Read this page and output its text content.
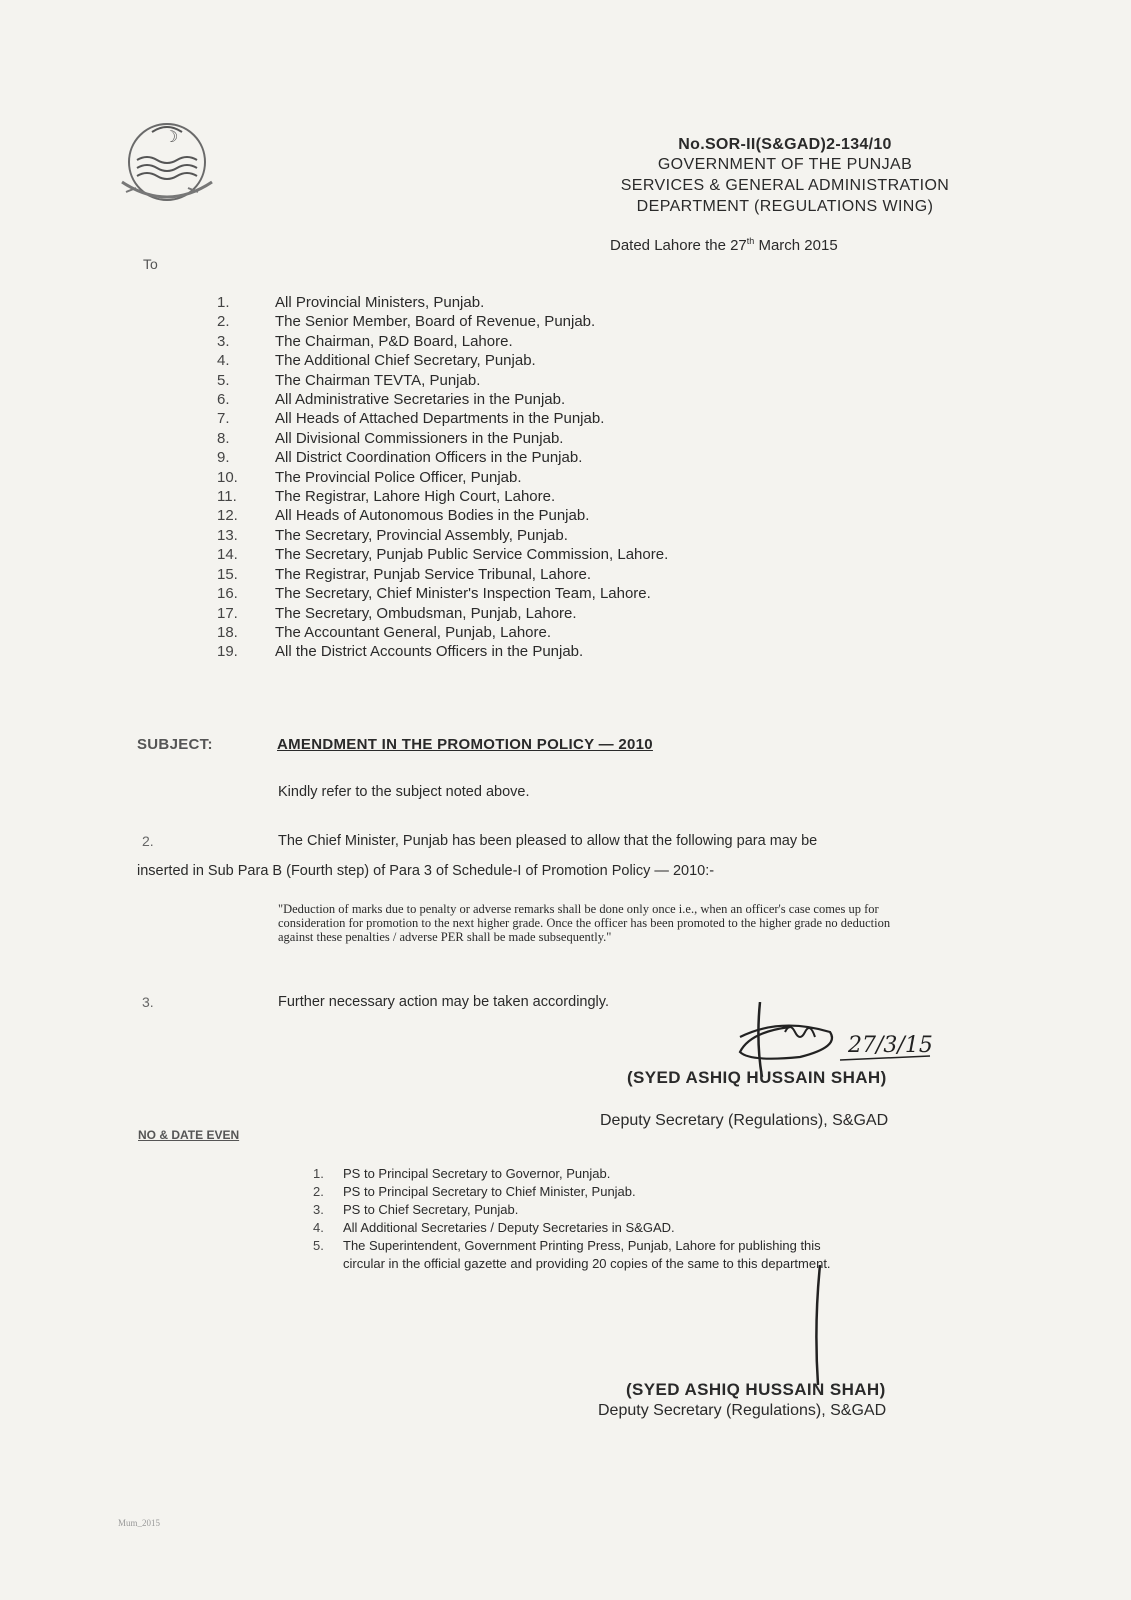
☽	No.SOR-II(S&GAD)2-134/10
GOVERNMENT OF THE PUNJAB
SERVICES & GENERAL ADMINISTRATION
DEPARTMENT (REGULATIONS WING)
Dated Lahore the 27th March 2015
To
1.	All Provincial Ministers, Punjab.
2.	The Senior Member, Board of Revenue, Punjab.
3.	The Chairman, P&D Board, Lahore.
4.	The Additional Chief Secretary, Punjab.
5.	The Chairman TEVTA, Punjab.
6.	All Administrative Secretaries in the Punjab.
7.	All Heads of Attached Departments in the Punjab.
8.	All Divisional Commissioners in the Punjab.
9.	All District Coordination Officers in the Punjab.
10.	The Provincial Police Officer, Punjab.
11.	The Registrar, Lahore High Court, Lahore.
12.	All Heads of Autonomous Bodies in the Punjab.
13.	The Secretary, Provincial Assembly, Punjab.
14.	The Secretary, Punjab Public Service Commission, Lahore.
15.	The Registrar, Punjab Service Tribunal, Lahore.
16.	The Secretary, Chief Minister's Inspection Team, Lahore.
17.	The Secretary, Ombudsman, Punjab, Lahore.
18.	The Accountant General, Punjab, Lahore.
19.	All the District Accounts Officers in the Punjab.
SUBJECT:	AMENDMENT IN THE PROMOTION POLICY — 2010
Kindly refer to the subject noted above.
2.	The Chief Minister, Punjab has been pleased to allow that the following para may be
inserted in Sub Para B (Fourth step) of Para 3 of Schedule-I of Promotion Policy — 2010:-
"Deduction of marks due to penalty or adverse remarks shall be done only once i.e., when an officer's case comes up for consideration for promotion to the next higher grade. Once the officer has been promoted to the higher grade no deduction against these penalties / adverse PER shall be made subsequently."
3.	Further necessary action may be taken accordingly.
27/3/15
(SYED ASHIQ HUSSAIN SHAH)
Deputy Secretary (Regulations), S&GAD
NO & DATE EVEN
1.	PS to Principal Secretary to Governor, Punjab.
2.	PS to Principal Secretary to Chief Minister, Punjab.
3.	PS to Chief Secretary, Punjab.
4.	All Additional Secretaries / Deputy Secretaries in S&GAD.
5.	The Superintendent, Government Printing Press, Punjab, Lahore for publishing this
circular in the official gazette and providing 20 copies of the same to this department.
(SYED ASHIQ HUSSAIN SHAH)
Deputy Secretary (Regulations), S&GAD
Mum_2015
